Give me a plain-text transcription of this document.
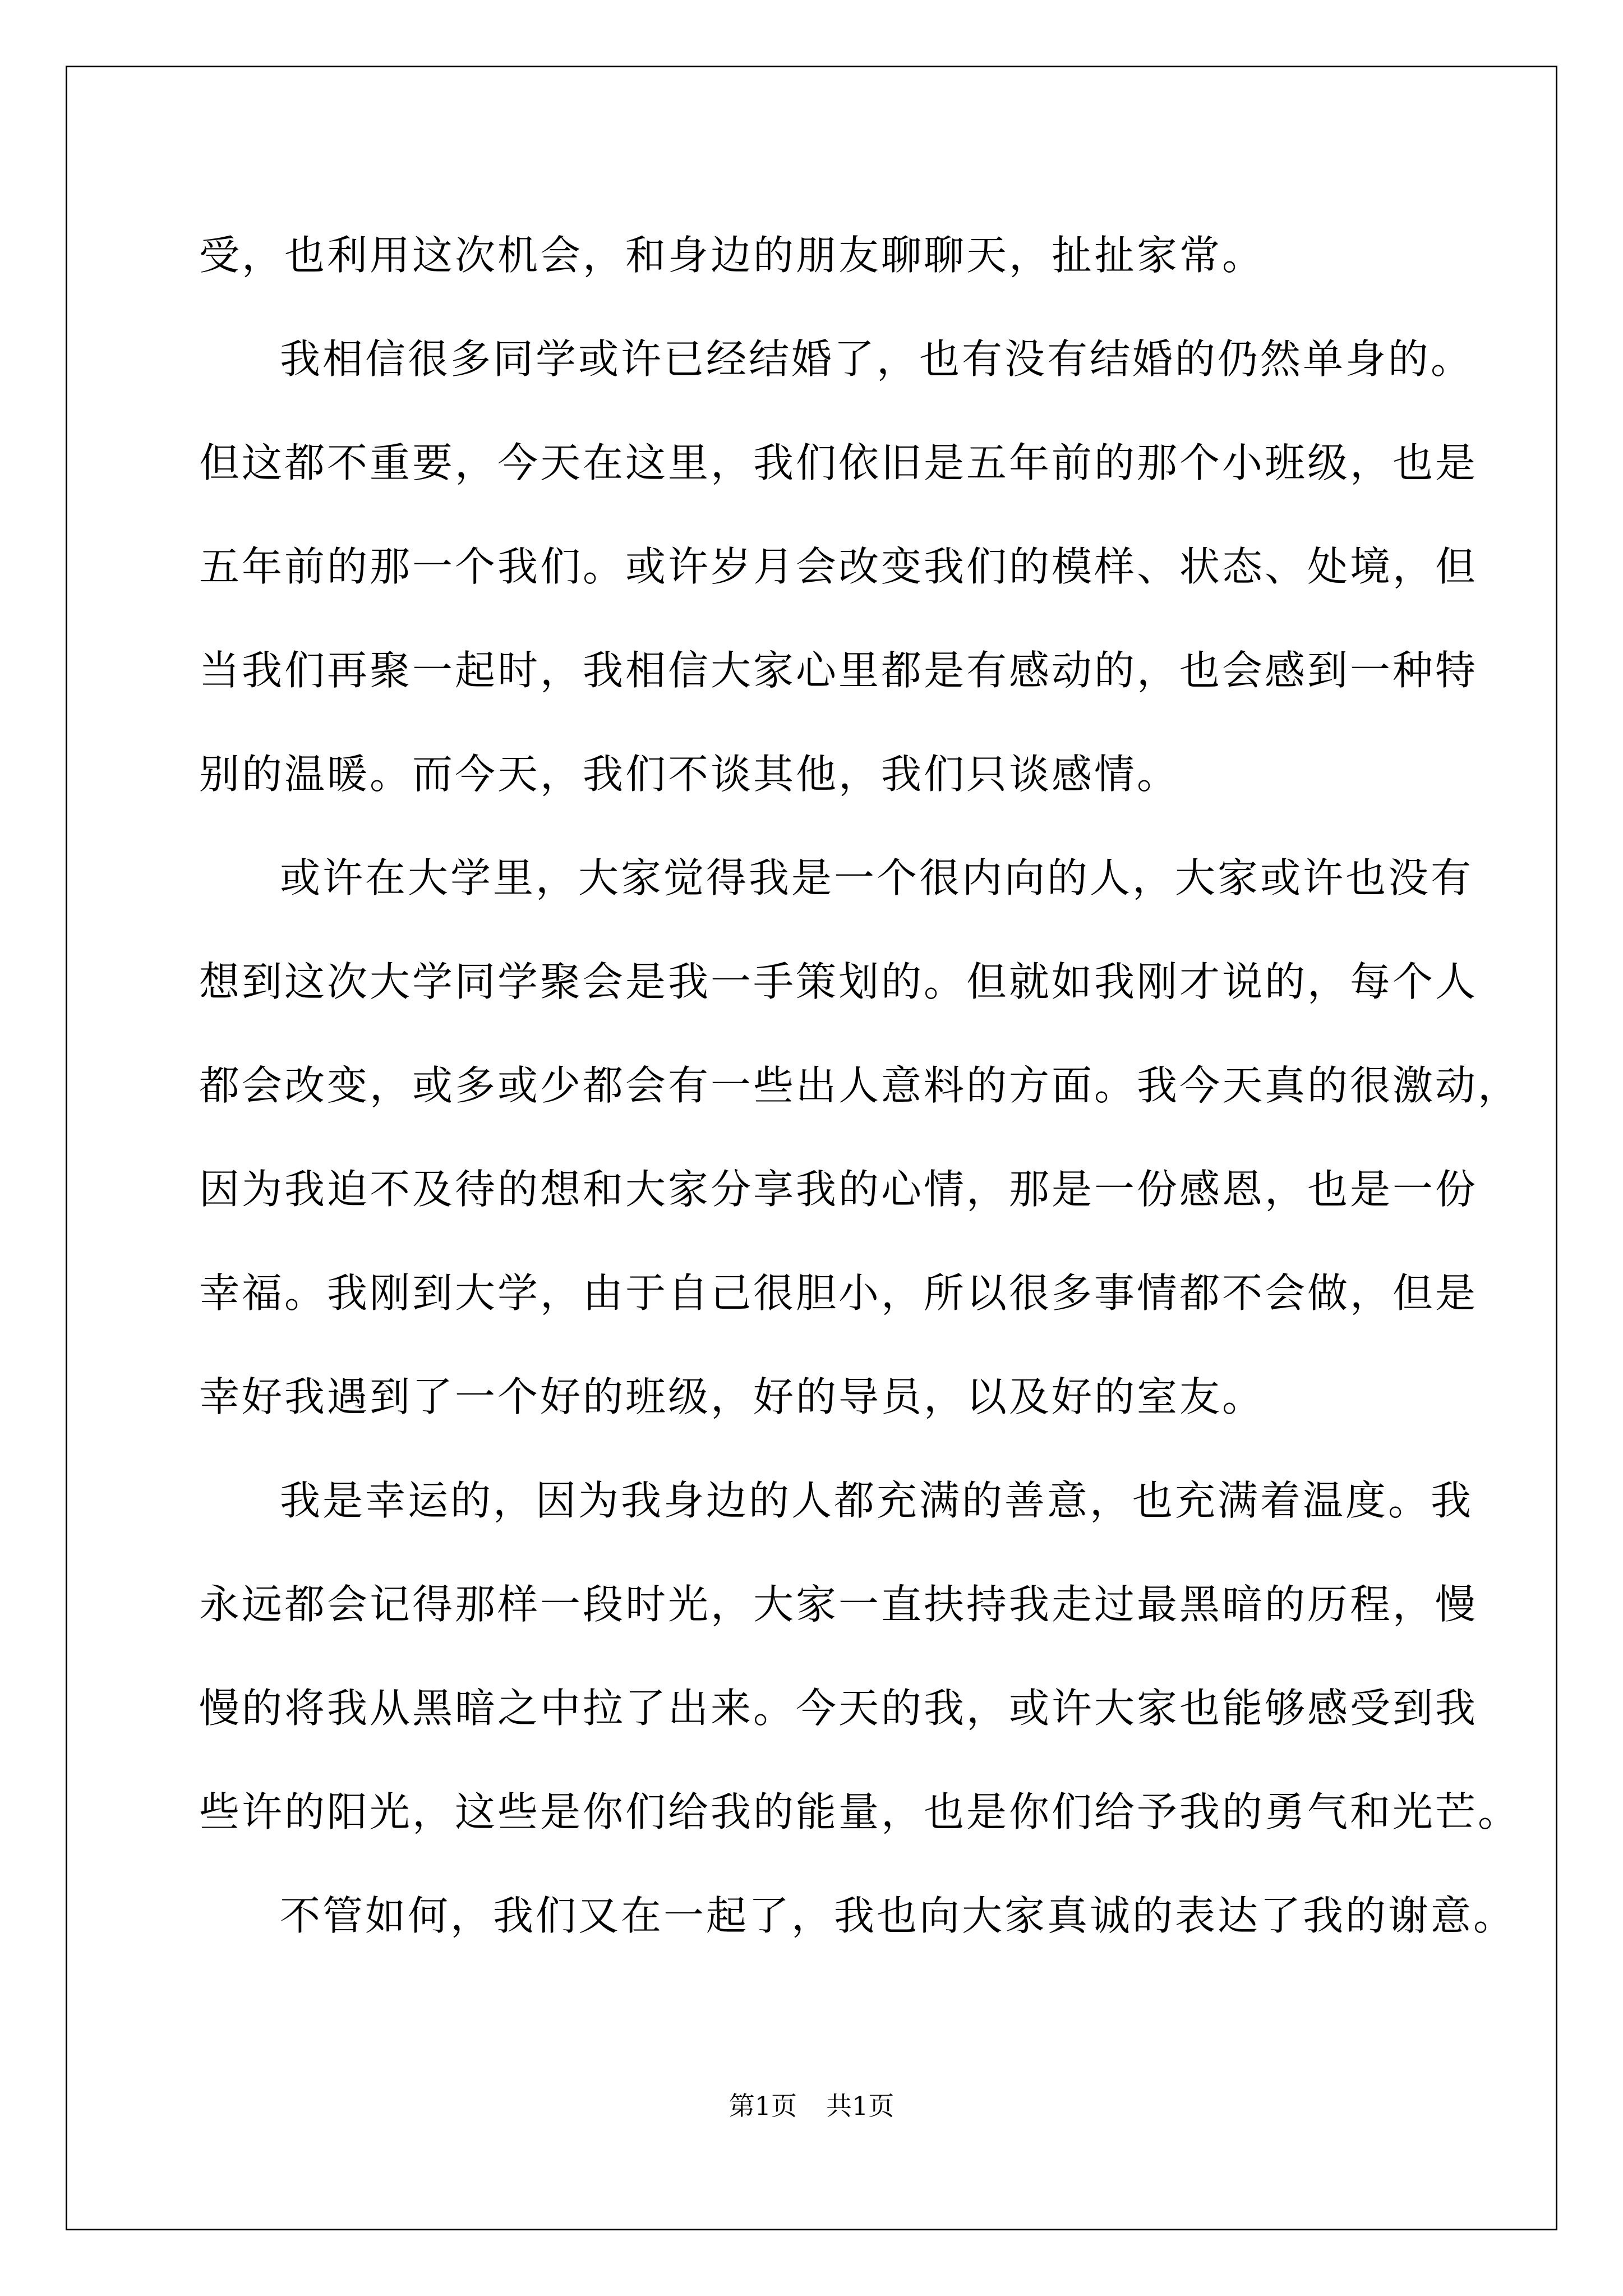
受，也利用这次机会，和身边的朋友聊聊天，扯扯家常。
我相信很多同学或许已经结婚了，也有没有结婚的仍然单身的。
但这都不重要，今天在这里，我们依旧是五年前的那个小班级，也是
五年前的那一个我们。或许岁月会改变我们的模样、状态、处境，但
当我们再聚一起时，我相信大家心里都是有感动的，也会感到一种特
别的温暖。而今天，我们不谈其他，我们只谈感情。
或许在大学里，大家觉得我是一个很内向的人，大家或许也没有
想到这次大学同学聚会是我一手策划的。但就如我刚才说的，每个人
都会改变，或多或少都会有一些出人意料的方面。我今天真的很激动，
因为我迫不及待的想和大家分享我的心情，那是一份感恩，也是一份
幸福。我刚到大学，由于自己很胆小，所以很多事情都不会做，但是
幸好我遇到了一个好的班级，好的导员，以及好的室友。
我是幸运的，因为我身边的人都充满的善意，也充满着温度。我
永远都会记得那样一段时光，大家一直扶持我走过最黑暗的历程，慢
慢的将我从黑暗之中拉了出来。今天的我，或许大家也能够感受到我
些许的阳光，这些是你们给我的能量，也是你们给予我的勇气和光芒。
不管如何，我们又在一起了，我也向大家真诚的表达了我的谢意。
第1页 共1页
